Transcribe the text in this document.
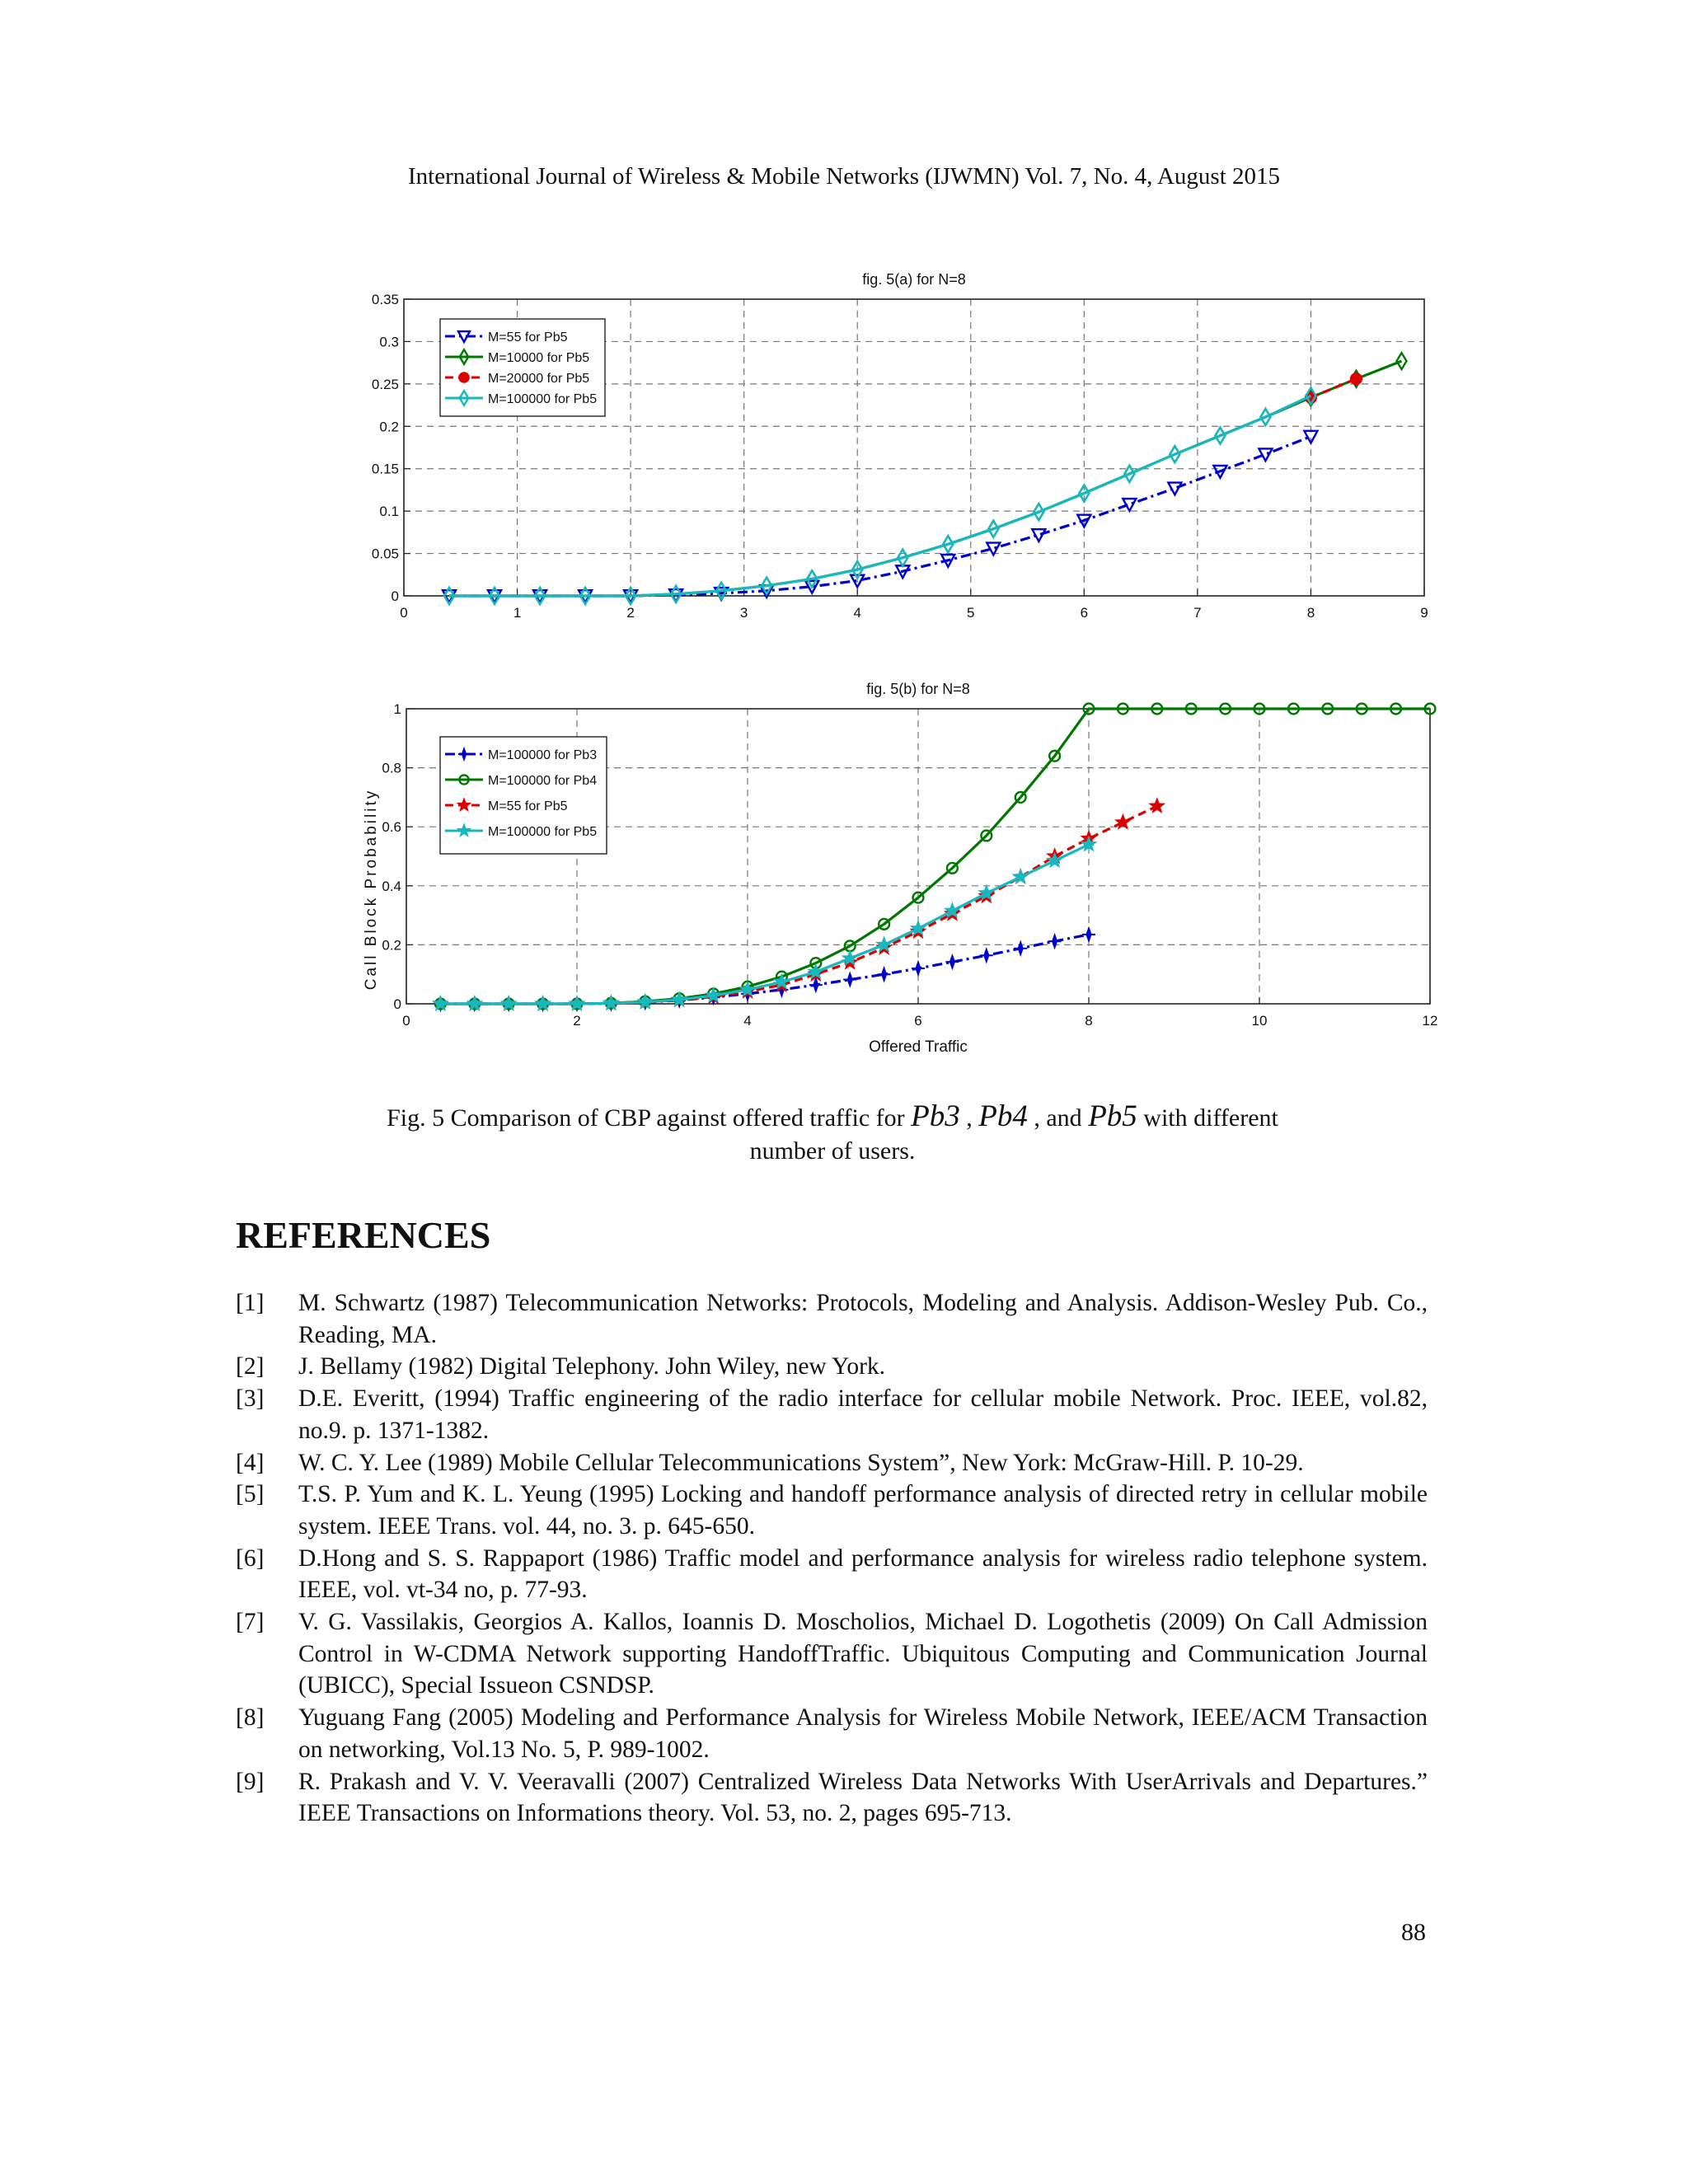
International Journal of Wireless & Mobile Networks (IJWMN) Vol. 7, No. 4, August 2015
0	1	2	3	4	5	6	7	8	9
0
0.05
0.1
0.15
0.2
0.25
0.3
0.35
fig. 5(a) for N=8
M=55 for Pb5
M=10000 for Pb5
M=20000 for Pb5
M=100000 for Pb5
0	2	4	6	8	10	12
0
0.2
0.4
0.6
0.8
1
fig. 5(b) for N=8
Offered Traffic
Call Block Probability
M=100000 for Pb3
M=100000 for Pb4
M=55 for Pb5
M=100000 for Pb5
Fig. 5 Comparison of CBP against offered traffic for Pb3 , Pb4 , and Pb5 with different
number of users.
REFERENCES
[1]	M. Schwartz (1987) Telecommunication Networks: Protocols, Modeling and Analysis. Addison-Wesley Pub. Co., Reading, MA.
[2]	J. Bellamy (1982) Digital Telephony. John Wiley, new York.
[3]	D.E. Everitt, (1994) Traffic engineering of the radio interface for cellular mobile Network. Proc. IEEE, vol.82, no.9. p. 1371-1382.
[4]	W. C. Y. Lee (1989) Mobile Cellular Telecommunications System”, New York: McGraw-Hill. P. 10-29.
[5]	T.S. P. Yum and K. L. Yeung (1995) Locking and handoff performance analysis of directed retry in cellular mobile system. IEEE Trans. vol. 44, no. 3. p. 645-650.
[6]	D.Hong and S. S. Rappaport (1986) Traffic model and performance analysis for wireless radio telephone system. IEEE, vol. vt-34 no, p. 77-93.
[7]	V. G. Vassilakis, Georgios A. Kallos, Ioannis D. Moscholios, Michael D. Logothetis (2009) On Call Admission Control in W-CDMA Network supporting HandoffTraffic. Ubiquitous Computing and Communication Journal (UBICC), Special Issueon CSNDSP.
[8]	Yuguang Fang (2005) Modeling and Performance Analysis for Wireless Mobile Network, IEEE/ACM Transaction on networking, Vol.13 No. 5, P. 989-1002.
[9]	R. Prakash and V. V. Veeravalli (2007) Centralized Wireless Data Networks With UserArrivals and Departures.” IEEE Transactions on Informations theory. Vol. 53, no. 2, pages 695-713.
88
